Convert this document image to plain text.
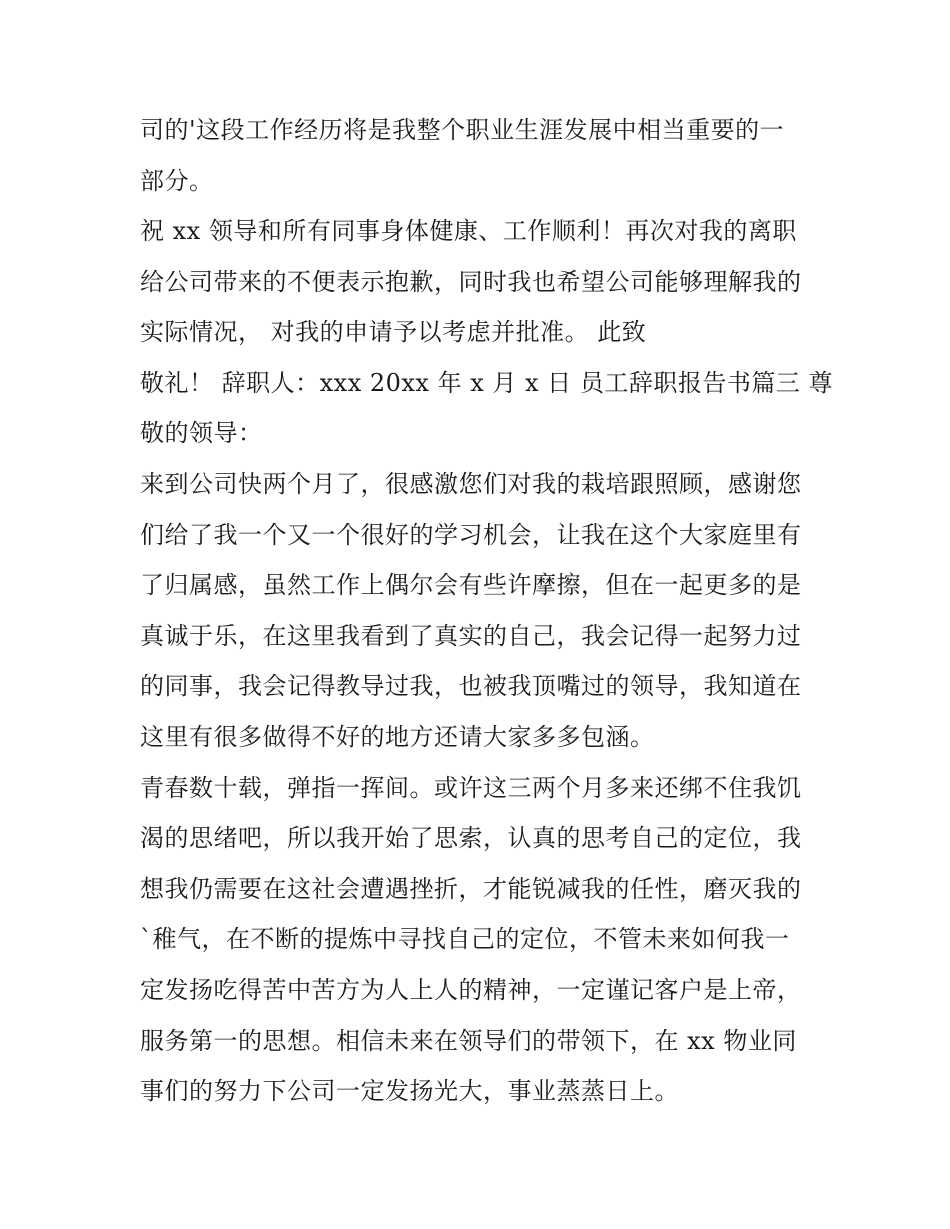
司的'这段工作经历将是我整个职业生涯发展中相当重要的一
部分。
祝 xx 领导和所有同事身体健康、工作顺利！再次对我的离职
给公司带来的不便表示抱歉，同时我也希望公司能够理解我的
实际情况， 对我的申请予以考虑并批准。 此致
敬礼！ 辞职人：xxx 20xx 年 x 月 x 日 员工辞职报告书篇三 尊
敬的领导：
来到公司快两个月了，很感激您们对我的栽培跟照顾，感谢您
们给了我一个又一个很好的学习机会，让我在这个大家庭里有
了归属感，虽然工作上偶尔会有些许摩擦，但在一起更多的是
真诚于乐，在这里我看到了真实的自己，我会记得一起努力过
的同事，我会记得教导过我，也被我顶嘴过的领导，我知道在
这里有很多做得不好的地方还请大家多多包涵。
青春数十载，弹指一挥间。或许这三两个月多来还绑不住我饥
渴的思绪吧，所以我开始了思索，认真的思考自己的定位，我
想我仍需要在这社会遭遇挫折，才能锐减我的任性，磨灭我的
`稚气，在不断的提炼中寻找自己的定位，不管未来如何我一
定发扬吃得苦中苦方为人上人的精神，一定谨记客户是上帝，
服务第一的思想。相信未来在领导们的带领下，在 xx 物业同
事们的努力下公司一定发扬光大，事业蒸蒸日上。
